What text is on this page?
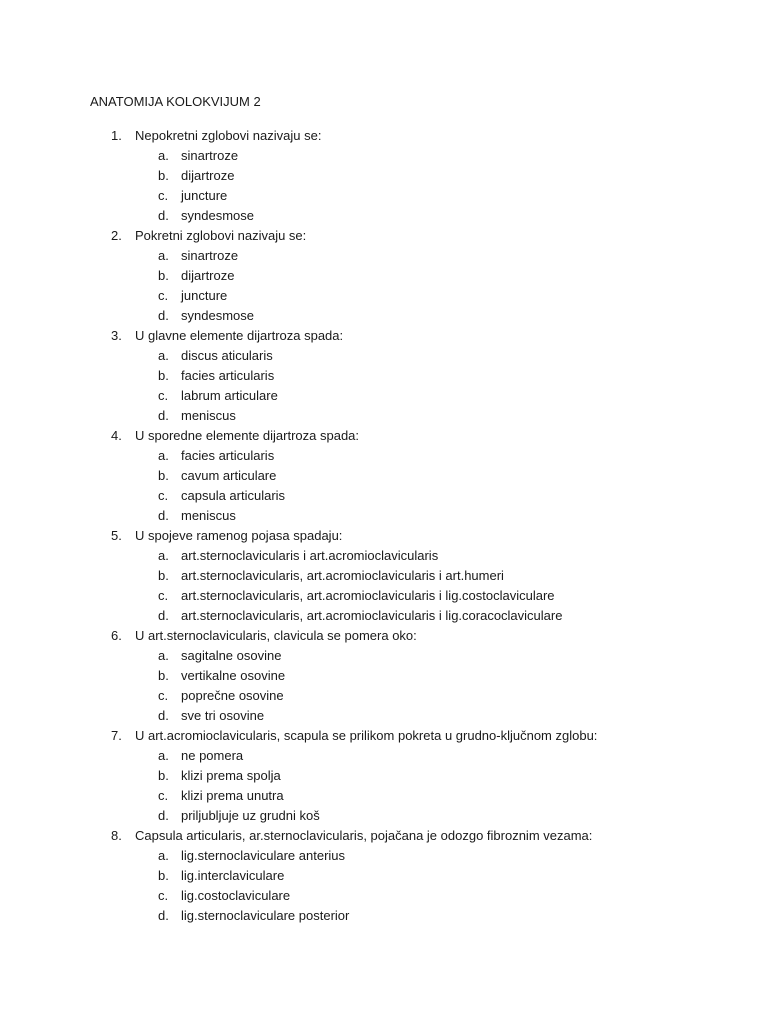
ANATOMIJA KOLOKVIJUM 2
1.	Nepokretni zglobovi nazivaju se:
a. sinartroze
b. dijartroze
c. juncture
d. syndesmose
2.	Pokretni zglobovi nazivaju se:
a. sinartroze
b. dijartroze
c. juncture
d. syndesmose
3.	U glavne elemente dijartroza spada:
a. discus aticularis
b. facies articularis
c. labrum articulare
d. meniscus
4.	U sporedne elemente dijartroza spada:
a. facies articularis
b. cavum articulare
c. capsula articularis
d. meniscus
5.	U spojeve ramenog pojasa spadaju:
a. art.sternoclavicularis i art.acromioclavicularis
b. art.sternoclavicularis, art.acromioclavicularis i art.humeri
c. art.sternoclavicularis, art.acromioclavicularis i lig.costoclaviculare
d. art.sternoclavicularis, art.acromioclavicularis i lig.coracoclaviculare
6.	U art.sternoclavicularis, clavicula se pomera oko:
a. sagitalne osovine
b. vertikalne osovine
c. poprečne osovine
d. sve tri osovine
7.	U art.acromioclavicularis, scapula se prilikom pokreta u grudno-ključnom zglobu:
a. ne pomera
b. klizi prema spolja
c. klizi prema unutra
d. priljubljuje uz grudni koš
8.	Capsula articularis, ar.sternoclavicularis, pojačana je odozgo fibroznim vezama:
a. lig.sternoclaviculare anterius
b. lig.interclaviculare
c. lig.costoclaviculare
d. lig.sternoclaviculare posterior
